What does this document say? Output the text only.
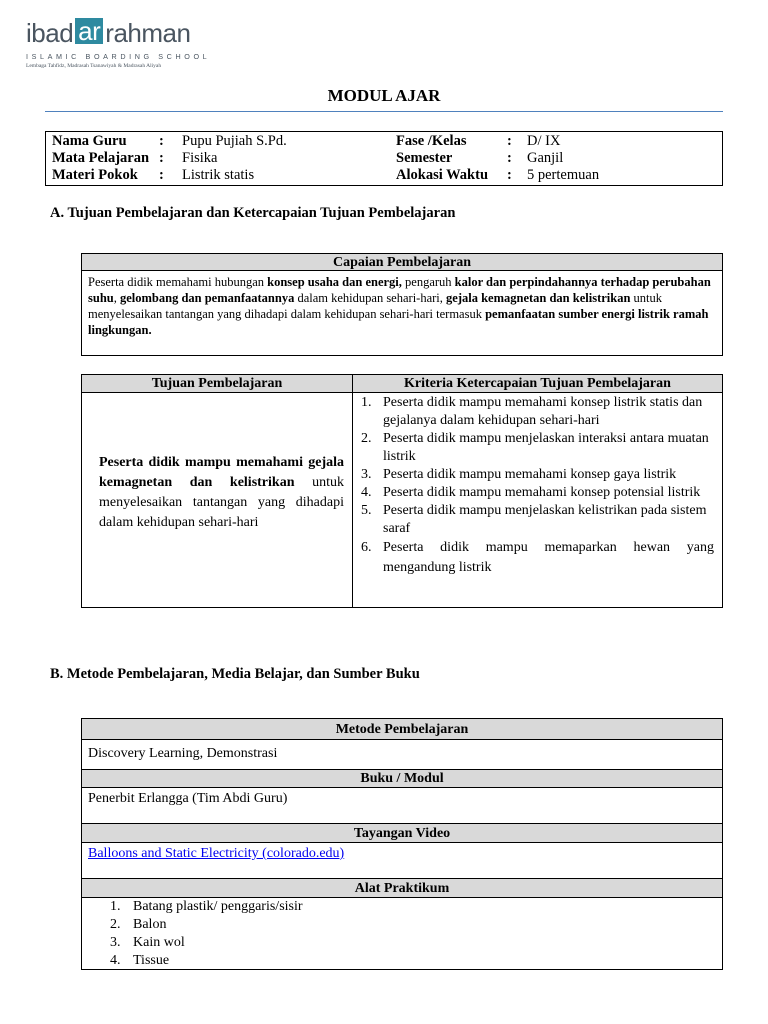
ibad ar rahman
ISLAMIC BOARDING SCHOOL
Lembaga Tahfidz, Madrasah Tsanawiyah & Madrasah Aliyah
MODUL AJAR
Nama Guru : Pupu Pujiah S.Pd.	Fase /Kelas	: D/ IX
Mata Pelajaran : Fisika	Semester	: Ganjil
Materi Pokok : Listrik statis	Alokasi Waktu : 5 pertemuan
A. Tujuan Pembelajaran dan Ketercapaian Tujuan Pembelajaran
Capaian Pembelajaran
Peserta didik memahami hubungan konsep usaha dan energi, pengaruh kalor dan perpindahannya terhadap perubahan suhu, gelombang dan pemanfaatannya dalam kehidupan sehari-hari, gejala kemagnetan dan kelistrikan untuk menyelesaikan tantangan yang dihadapi dalam kehidupan sehari-hari termasuk pemanfaatan sumber energi listrik ramah lingkungan.
Tujuan Pembelajaran	Kriteria Ketercapaian Tujuan Pembelajaran
Peserta didik mampu memahami gejala kemagnetan dan kelistrikan untuk menyelesaikan tantangan yang dihadapi dalam kehidupan sehari-hari
1. Peserta didik mampu memahami konsep listrik statis dan gejalanya dalam kehidupan sehari-hari
2. Peserta didik mampu menjelaskan interaksi antara muatan listrik
3. Peserta didik mampu memahami konsep gaya listrik
4. Peserta didik mampu memahami konsep potensial listrik
5. Peserta didik mampu menjelaskan kelistrikan pada sistem saraf
6. Peserta didik mampu memaparkan hewan yang mengandung listrik
B. Metode Pembelajaran, Media Belajar, dan Sumber Buku
Metode Pembelajaran
Discovery Learning, Demonstrasi
Buku / Modul
Penerbit Erlangga (Tim Abdi Guru)
Tayangan Video
Balloons and Static Electricity (colorado.edu)
Alat Praktikum
1. Batang plastik/ penggaris/sisir
2. Balon
3. Kain wol
4. Tissue
